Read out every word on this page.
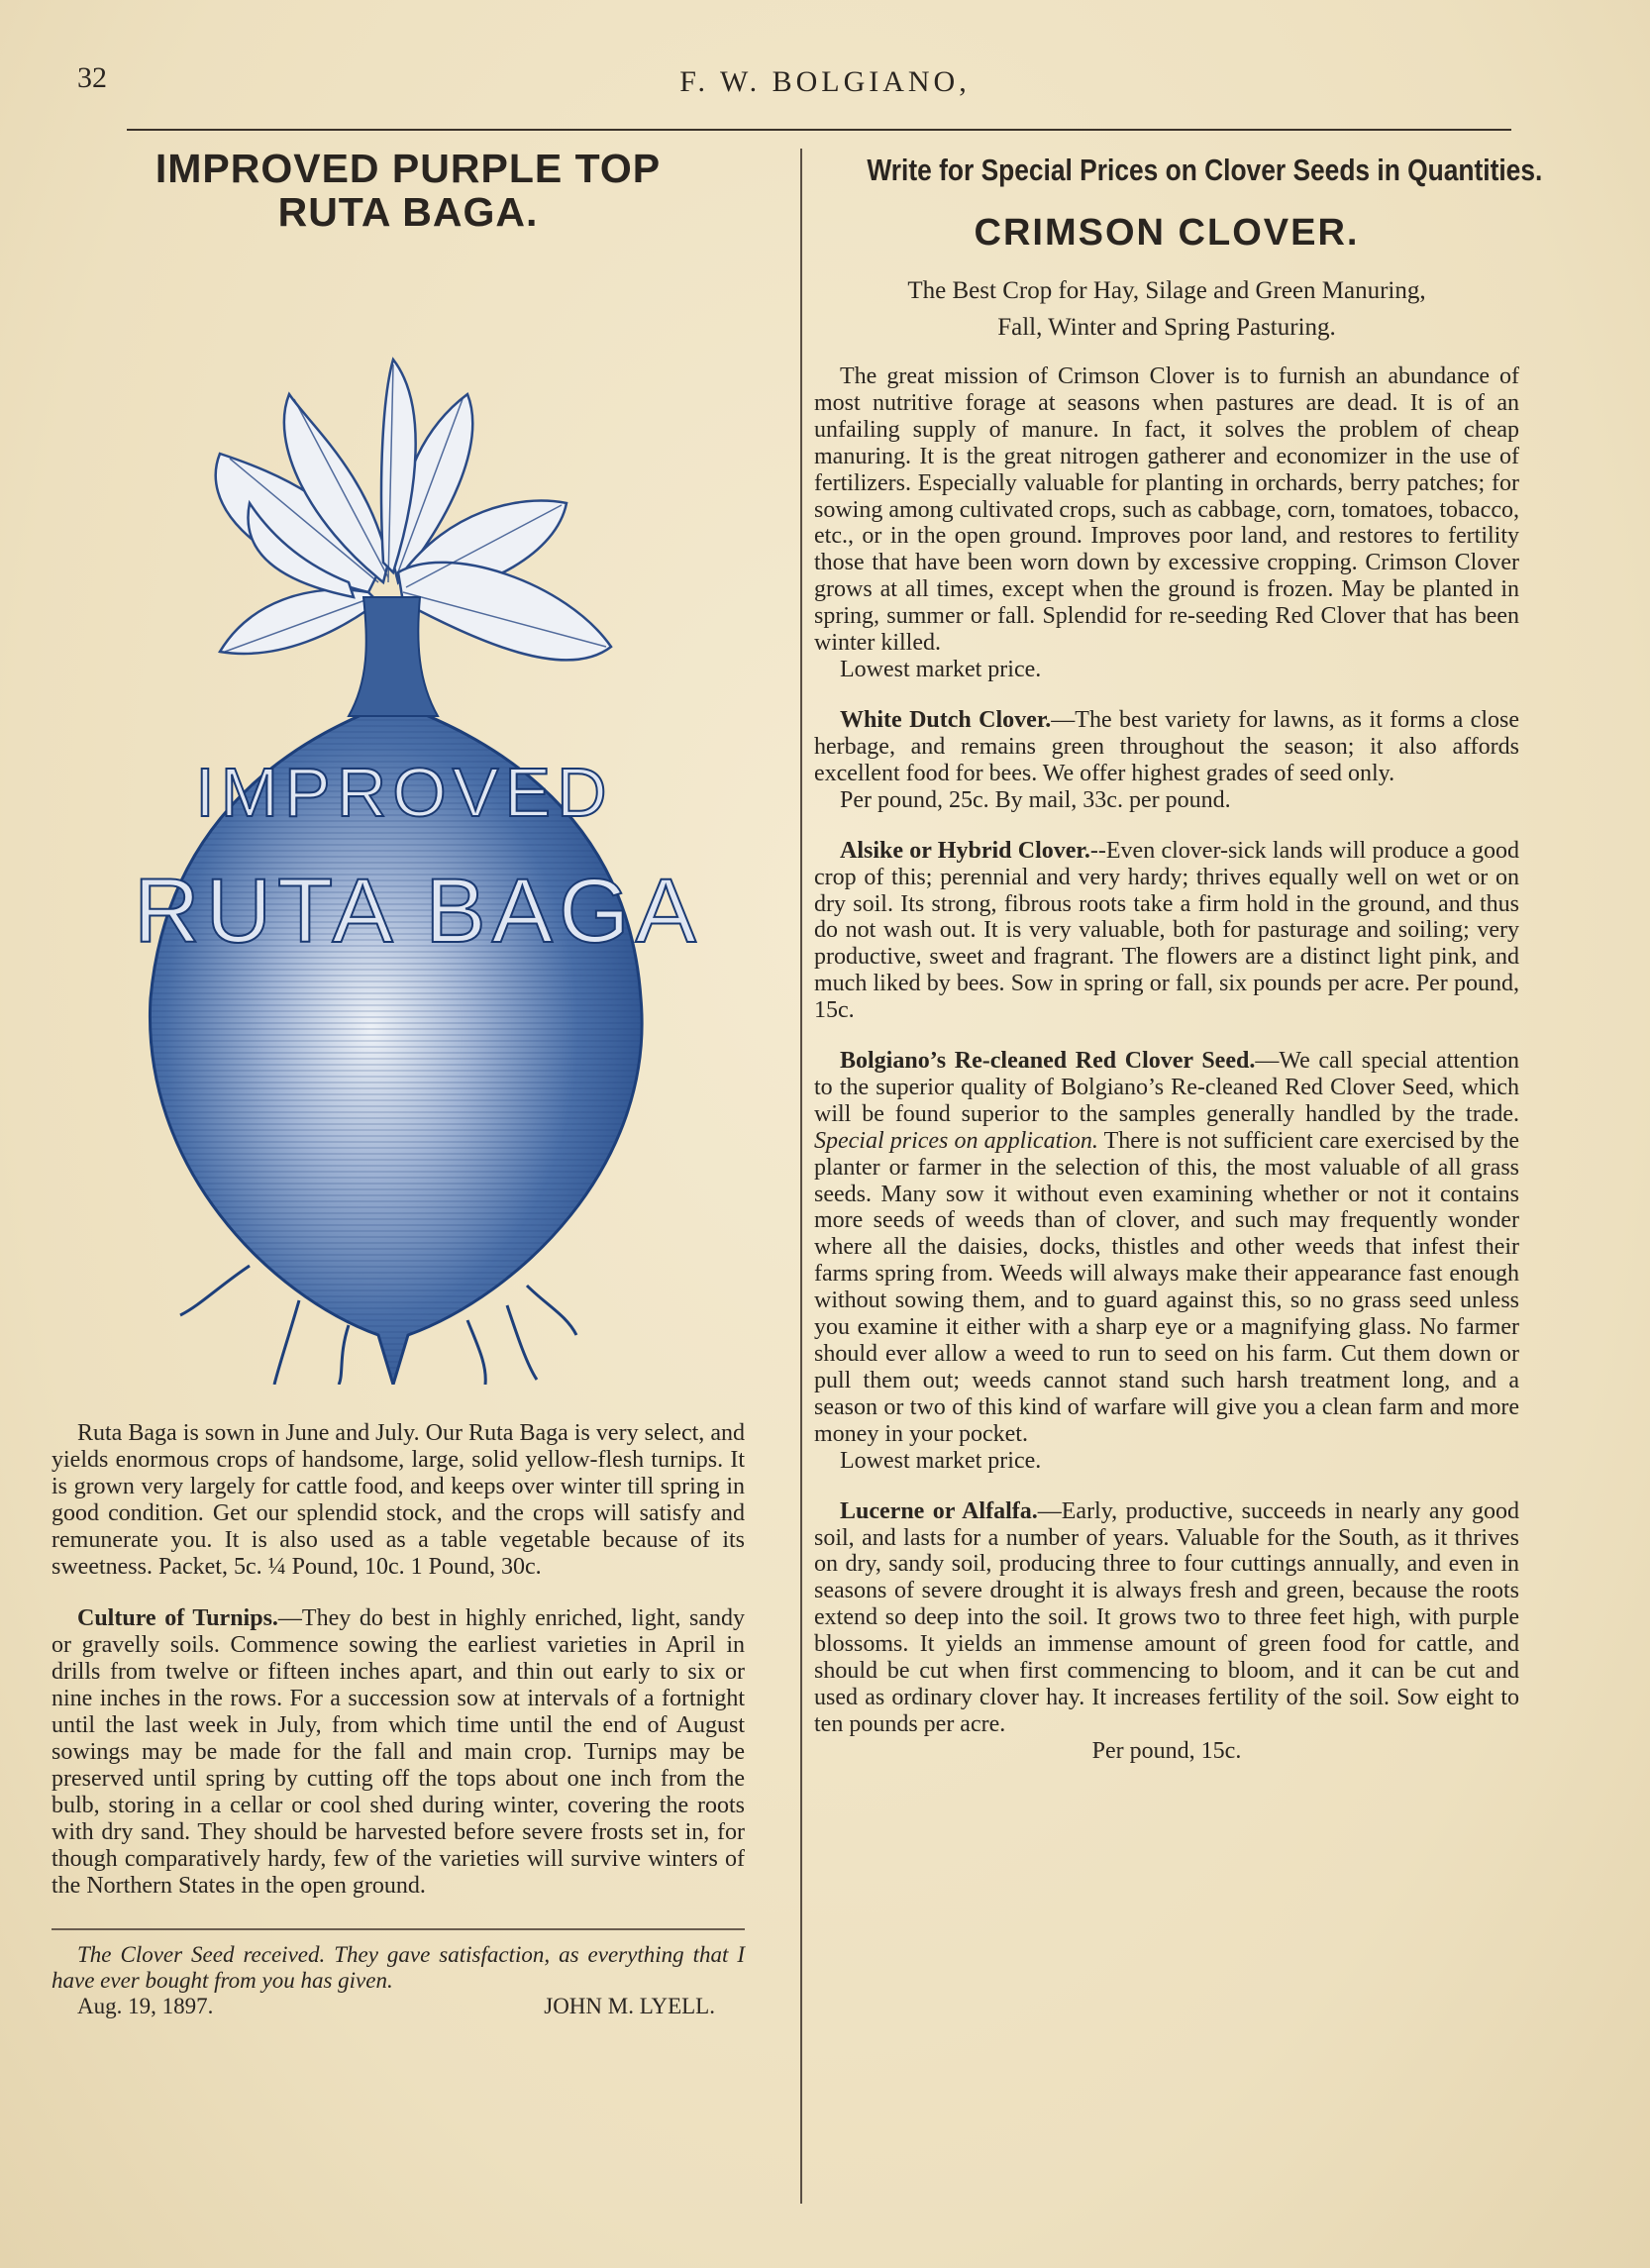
32	F. W. BOLGIANO,
IMPROVED PURPLE TOP
RUTA BAGA.
IMPROVED
RUTA BAGA

Ruta Baga is sown in June and July. Our Ruta Baga is very select, and yields enormous crops of handsome, large, solid yellow-flesh turnips. It is grown very largely for cattle food, and keeps over winter till spring in good condition. Get our splendid stock, and the crops will satisfy and remunerate you. It is also used as a table vegetable because of its sweetness. Packet, 5c. ¼ Pound, 10c. 1 Pound, 30c.

Culture of Turnips.—They do best in highly enriched, light, sandy or gravelly soils. Commence sowing the earliest varieties in April in drills from twelve or fifteen inches apart, and thin out early to six or nine inches in the rows. For a succession sow at intervals of a fortnight until the last week in July, from which time until the end of August sowings may be made for the fall and main crop. Turnips may be preserved until spring by cutting off the tops about one inch from the bulb, storing in a cellar or cool shed during winter, covering the roots with dry sand. They should be harvested before severe frosts set in, for though comparatively hardy, few of the varieties will survive winters of the Northern States in the open ground.

The Clover Seed received. They gave satisfaction, as everything that I have ever bought from you has given.

Aug. 19, 1897.	JOHN M. LYELL.
Write for Special Prices on Clover Seeds in Quantities.
CRIMSON CLOVER.
The Best Crop for Hay, Silage and Green Manuring,
Fall, Winter and Spring Pasturing.

The great mission of Crimson Clover is to furnish an abundance of most nutritive forage at seasons when pastures are dead. It is of an unfailing supply of manure. In fact, it solves the problem of cheap manuring. It is the great nitrogen gatherer and economizer in the use of fertilizers. Especially valuable for planting in orchards, berry patches; for sowing among cultivated crops, such as cabbage, corn, tomatoes, tobacco, etc., or in the open ground. Improves poor land, and restores to fertility those that have been worn down by excessive cropping. Crimson Clover grows at all times, except when the ground is frozen. May be planted in spring, summer or fall. Splendid for re-seeding Red Clover that has been winter killed.

Lowest market price.

White Dutch Clover.—The best variety for lawns, as it forms a close herbage, and remains green throughout the season; it also affords excellent food for bees. We offer highest grades of seed only.

Per pound, 25c. By mail, 33c. per pound.

Alsike or Hybrid Clover.--Even clover-sick lands will produce a good crop of this; perennial and very hardy; thrives equally well on wet or on dry soil. Its strong, fibrous roots take a firm hold in the ground, and thus do not wash out. It is very valuable, both for pasturage and soiling; very productive, sweet and fragrant. The flowers are a distinct light pink, and much liked by bees. Sow in spring or fall, six pounds per acre. Per pound, 15c.

Bolgiano’s Re-cleaned Red Clover Seed.—We call special attention to the superior quality of Bolgiano’s Re-cleaned Red Clover Seed, which will be found superior to the samples generally handled by the trade. Special prices on application. There is not sufficient care exercised by the planter or farmer in the selection of this, the most valuable of all grass seeds. Many sow it without even examining whether or not it contains more seeds of weeds than of clover, and such may frequently wonder where all the daisies, docks, thistles and other weeds that infest their farms spring from. Weeds will always make their appearance fast enough without sowing them, and to guard against this, so no grass seed unless you examine it either with a sharp eye or a magnifying glass. No farmer should ever allow a weed to run to seed on his farm. Cut them down or pull them out; weeds cannot stand such harsh treatment long, and a season or two of this kind of warfare will give you a clean farm and more money in your pocket.

Lowest market price.

Lucerne or Alfalfa.—Early, productive, succeeds in nearly any good soil, and lasts for a number of years. Valuable for the South, as it thrives on dry, sandy soil, producing three to four cuttings annually, and even in seasons of severe drought it is always fresh and green, because the roots extend so deep into the soil. It grows two to three feet high, with purple blossoms. It yields an immense amount of green food for cattle, and should be cut when first commencing to bloom, and it can be cut and used as ordinary clover hay. It increases fertility of the soil. Sow eight to ten pounds per acre.

Per pound, 15c.
